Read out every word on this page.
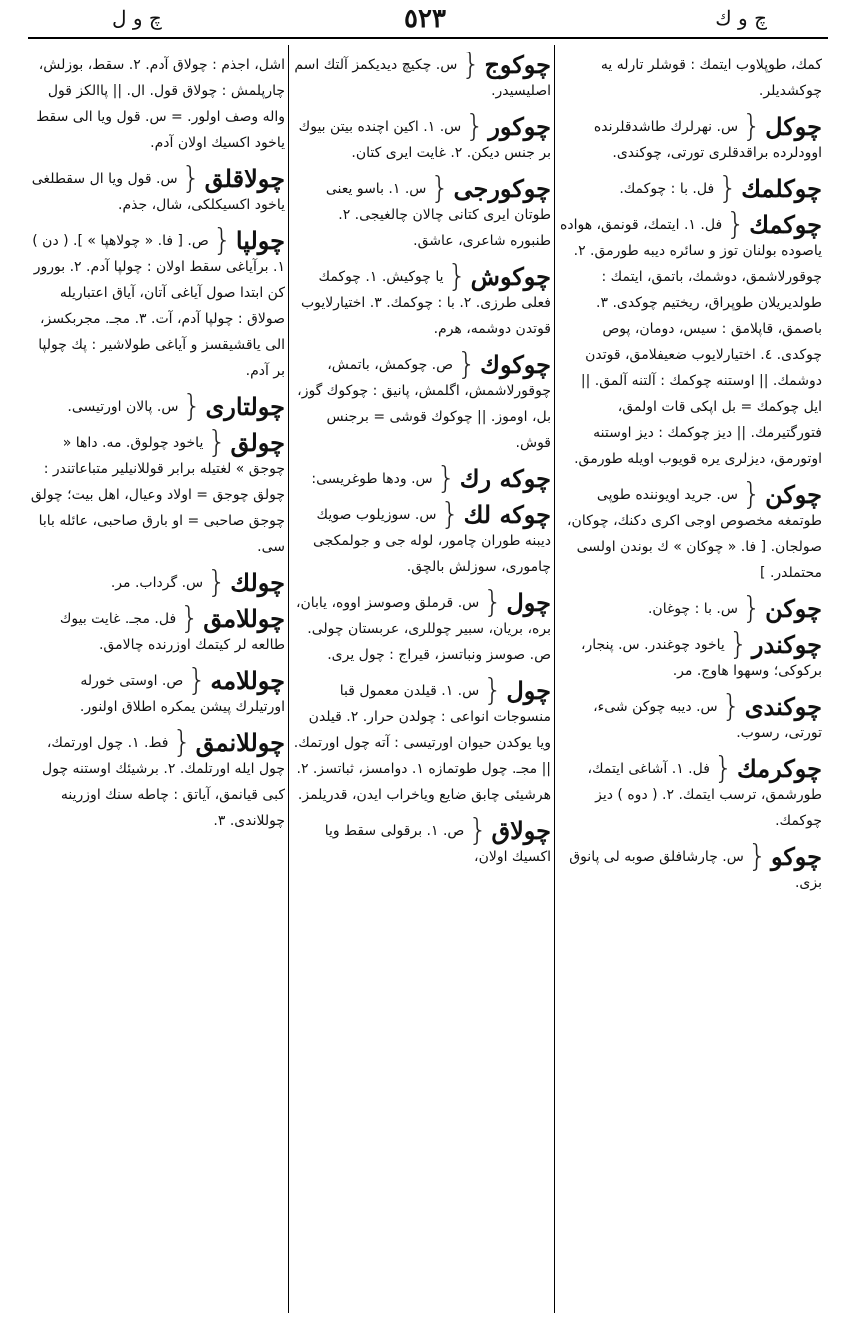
چ و ل	٥٢٣	چ و ك
كمك، طوپلاوب ايتمك : قوشلر تارله يه چوكشديلر.
چوكل{س. نهرلرك طاشدقلرنده اوودلرده براقدقلرى تورتى، چوكندى.
چوكلمك{فل. با : چوكمك.
چوكمك{فل. ١. ايتمك، قونمق، هواده ياصوده بولنان توز و سائره دیبه طورمق. ٢. چوقورلاشمق، دوشمك، باتمق، ايتمك : طولدیريلان طوپراق، ريختيم چوكدى. ٣. باصمق، قاپلامق : سيس، دومان، پوص چوكدى. ٤. اختيارلایوب ضعيفلامق، قوتدن دوشمك. || اوستنه چوكمك : آلتنه آلمق. || ايل چوكمك = بل اپكى قات اولمق، فتورگتيرمك. || دیز چوكمك : دیز اوستنه اوتورمق، دیزلرى يره قويوب اويله طورمق.
چوكن{س. جريد اويوننده طوپى طوتمغه مخصوص اوجى اكرى دكنك، چوكان، صولجان. [ فا. « چوكان » ك بوندن اولسى محتملدر. ]
چوكن{س. با : چوغان.
چوكندر{ياخود چوغندر. س. پنجار، بركوكى؛ وسهوا هاوج. مر.
چوكندى{س. ديبه چوكن شىء، تورتى، رسوب.
چوكرمك{فل. ١. آشاغى ايتمك، طورشمق، ترسب ايتمك. ٢. ( دوه ) ديز چوكمك.
چوكو{س. چارشافلق صوبه لى پانوق بزى.
چوكوج{س. چكيچ ديديكمز آلتك اسم اصلیسیدر.
چوكور{س. ١. اكين اچنده بيتن بيوك بر جنس ديكن. ٢. غايت ايرى كتان.
چوكورجى{س. ١. باسو يعنى طوتان ايرى كتانى چالان چالغيجى. ٢. طنبوره شاعرى، عاشق.
چوكوش{يا چوكيش. ١. چوكمك فعلى طرزى. ٢. با : چوكمك. ٣. اختيارلایوب قوتدن دوشمه، هرم.
چوكوك{ص. چوكمش، باتمش، چوقورلاشمش، اگلمش، پانيق : چوكوك گوز، بل، اوموز. || چوكوك قوشى = برجنس قوش.
چوكه رك{س. ودها طوغريسى:
چوكه لك{س. سوزيلوب صويك ديبنه طوران چامور، لوله جى و جولمكجى چامورى، سوزلش بالچق.
چول{س. قرملق وصوسز اووه، يابان، بره، بريان، سبير چوللرى، عربستان چولى. ص. صوسز ونباتسز، قيراج : چول يرى.
چول{س. ١. قيلدن معمول قبا منسوجات انواعى : چولدن حرار. ٢. قيلدن ويا يوكدن حيوان اورتيسى : آته چول اورتمك. || مجـ. چول طوتمازه ١. دوامسز، ثباتسز. ٢. هرشيئى چابق ضايع وياخراب ايدن، قدريلمز.
چولاق{ص. ١. برقولى سقط ويا اكسيك اولان،
اشل، اجذم : چولاق آدم. ٢. سقط، بوزلش، چارپلمش : چولاق قول. ال. || پاالكز قول واله وصف اولور. = س. قول ويا الى سقط ياخود اكسيك اولان آدم.
چولاقلق{س. قول ويا ال سقطلغى ياخود اكسيكلكى، شال، جذم.
چولپا{ص. [ فا. « چولاهپا » ]. ( دن ) ١. برآياغى سقط اولان : چولپا آدم. ٢. بورور كن ابتدا صول آياغى آتان، آياق اعتباريله صولاق : چولپا آدم، آت. ٣. مجـ. مجربكسز، الى ياقشيقسز و آياغى طولاشير : پك چولپا بر آدم.
چولتارى{س. پالان اورتيسى.
چولق{ياخود چولوق. مه. داها « چوجق » لغتيله برابر قوللانيلير متباعاتندر : چولق چوجق = اولاد وعيال، اهل بيت؛ چولق چوجق صاحبى = او بارق صاحبى، عائله بابا سى.
چولك{س. گرداب. مر.
چوللامق{فل. مجـ. غايت بيوك طالعه لر كيتمك اوزرنده چالامق.
چوللامه{ص. اوستى خورله اورتيلرك پيشن يمكره اطلاق اولنور.
چوللانمق{فط. ١. چول اورتمك، چول ايله اورتلمك. ٢. برشيئك اوستنه چول كبى قيانمق، آياتق : چاطه سنك اوزرينه چوللاندى. ٣.
